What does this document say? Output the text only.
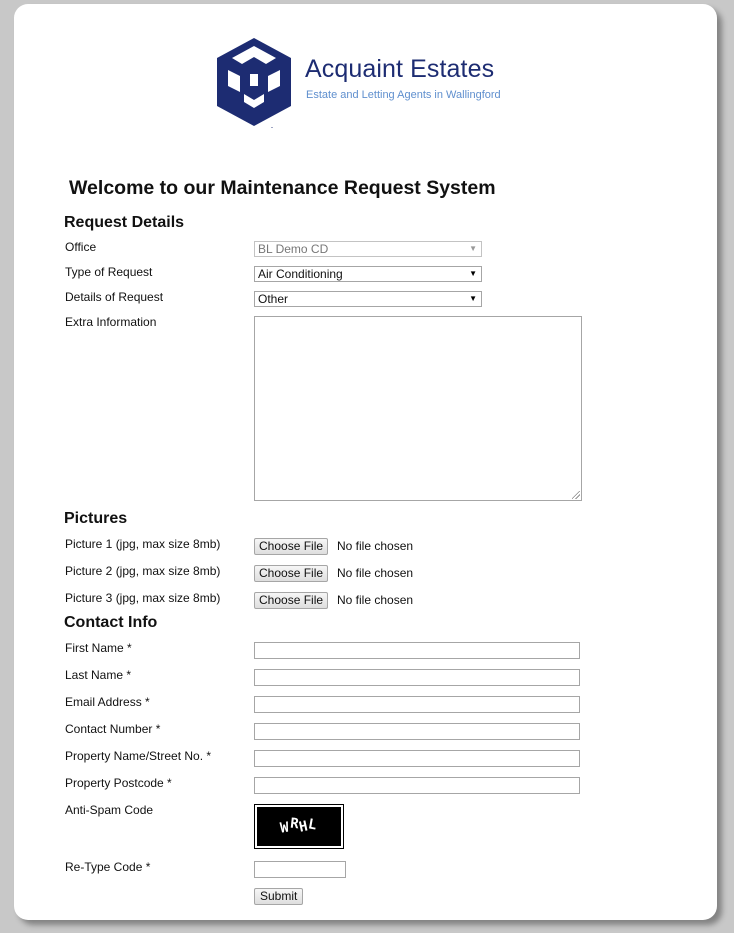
Acquaint Estates
Estate and Letting Agents in Wallingford
Welcome to our Maintenance Request System
Request Details
Office	BL Demo CD	▼
Type of Request	Air Conditioning	▼
Details of Request	Other	▼
Extra Information
Pictures
Picture 1 (jpg, max size 8mb)	Choose File	No file chosen
Picture 2 (jpg, max size 8mb)	Choose File	No file chosen
Picture 3 (jpg, max size 8mb)	Choose File	No file chosen
Contact Info
First Name *
Last Name *
Email Address *
Contact Number *
Property Name/Street No. *
Property Postcode *
Anti-Spam Code
WRHL
Re-Type Code *
Submit
